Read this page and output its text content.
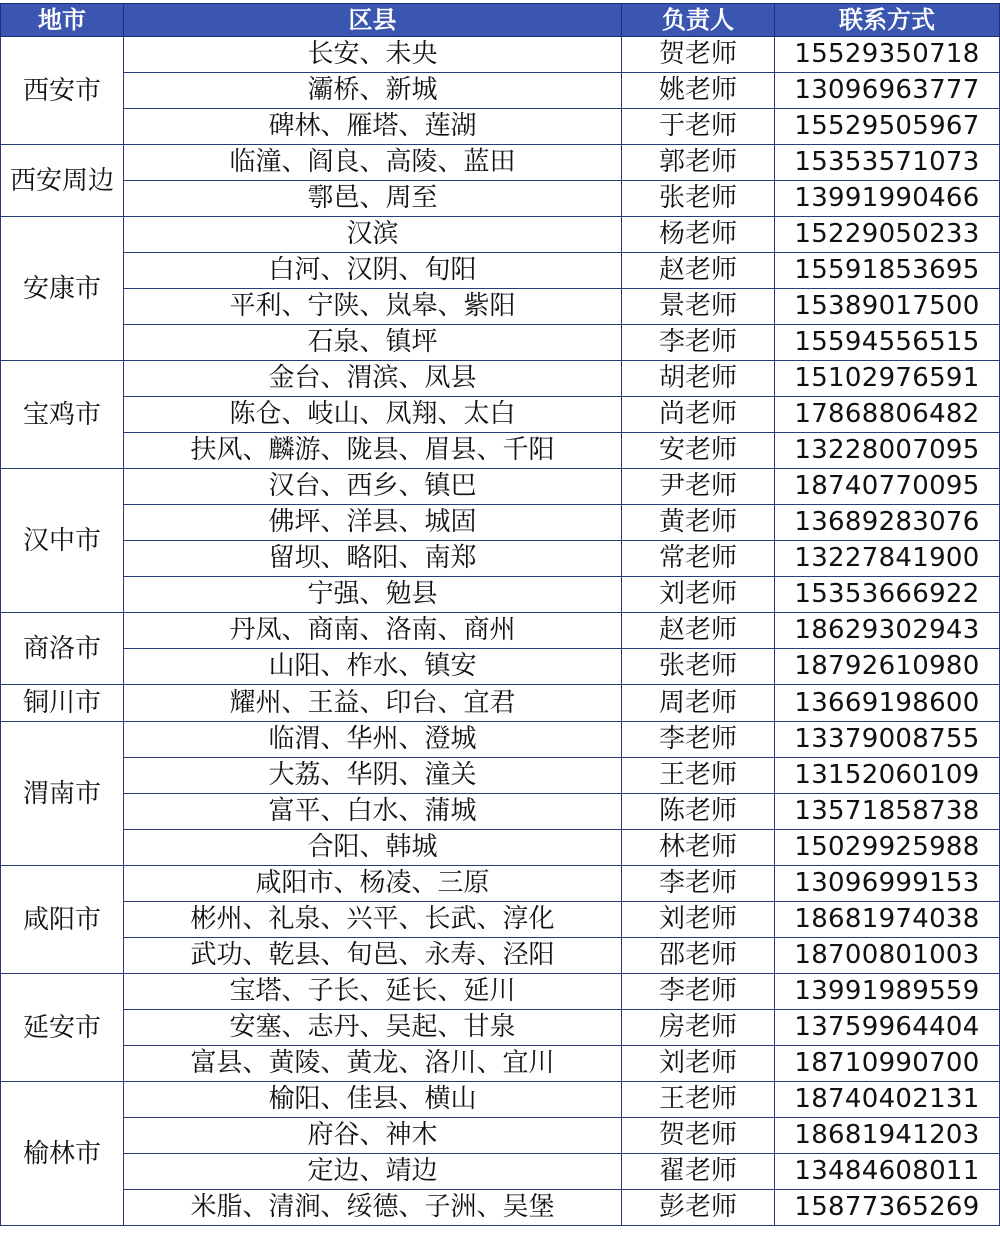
地市	区县	负责人	联系方式
西安市	长安、未央	贺老师	15529350718
	灞桥、新城	姚老师	13096963777
	碑林、雁塔、莲湖	于老师	15529505967
西安周边	临潼、阎良、高陵、蓝田	郭老师	15353571073
	鄠邑、周至	张老师	13991990466
安康市	汉滨	杨老师	15229050233
	白河、汉阴、旬阳	赵老师	15591853695
	平利、宁陕、岚皋、紫阳	景老师	15389017500
	石泉、镇坪	李老师	15594556515
宝鸡市	金台、渭滨、凤县	胡老师	15102976591
	陈仓、岐山、凤翔、太白	尚老师	17868806482
	扶风、麟游、陇县、眉县、千阳	安老师	13228007095
汉中市	汉台、西乡、镇巴	尹老师	18740770095
	佛坪、洋县、城固	黄老师	13689283076
	留坝、略阳、南郑	常老师	13227841900
	宁强、勉县	刘老师	15353666922
商洛市	丹凤、商南、洛南、商州	赵老师	18629302943
	山阳、柞水、镇安	张老师	18792610980
铜川市	耀州、王益、印台、宜君	周老师	13669198600
渭南市	临渭、华州、澄城	李老师	13379008755
	大荔、华阴、潼关	王老师	13152060109
	富平、白水、蒲城	陈老师	13571858738
	合阳、韩城	林老师	15029925988
咸阳市	咸阳市、杨凌、三原	李老师	13096999153
	彬州、礼泉、兴平、长武、淳化	刘老师	18681974038
	武功、乾县、旬邑、永寿、泾阳	邵老师	18700801003
延安市	宝塔、子长、延长、延川	李老师	13991989559
	安塞、志丹、吴起、甘泉	房老师	13759964404
	富县、黄陵、黄龙、洛川、宜川	刘老师	18710990700
榆林市	榆阳、佳县、横山	王老师	18740402131
	府谷、神木	贺老师	18681941203
	定边、靖边	翟老师	13484608011
	米脂、清涧、绥德、子洲、吴堡	彭老师	15877365269
